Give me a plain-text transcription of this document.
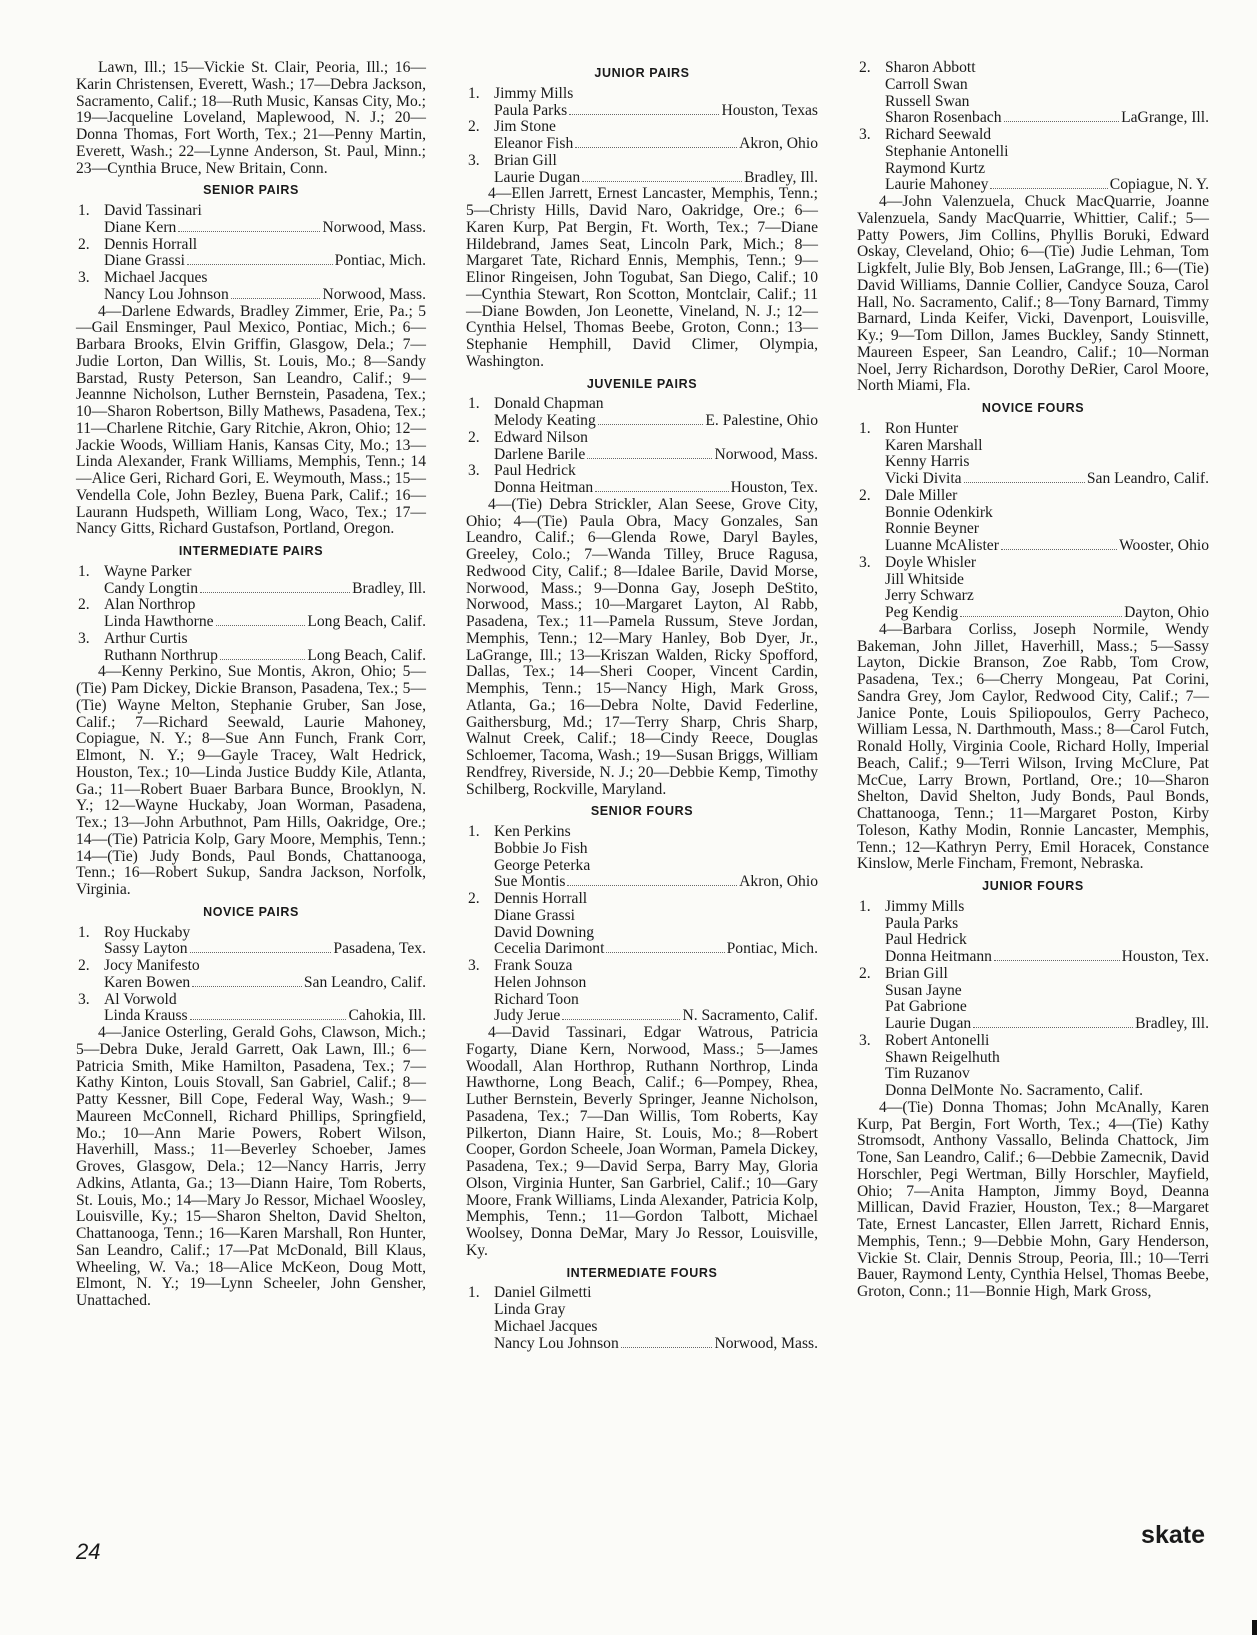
Lawn, Ill.; 15—Vickie St. Clair, Peoria, Ill.; 16—Karin Christensen, Everett, Wash.; 17—Debra Jackson, Sacramento, Calif.; 18—Ruth Music, Kansas City, Mo.; 19—Jacqueline Loveland, Maplewood, N. J.; 20—Donna Thomas, Fort Worth, Tex.; 21—Penny Martin, Everett, Wash.; 22—Lynne Anderson, St. Paul, Minn.; 23—Cynthia Bruce, New Britain, Conn.
SENIOR PAIRS
1. David Tassinari
Diane Kern	Norwood, Mass.
2. Dennis Horrall
Diane Grassi	Pontiac, Mich.
3. Michael Jacques
Nancy Lou Johnson	Norwood, Mass.
4—Darlene Edwards, Bradley Zimmer, Erie, Pa.; 5—Gail Ensminger, Paul Mexico, Pontiac, Mich.; 6—Barbara Brooks, Elvin Griffin, Glasgow, Dela.; 7—Judie Lorton, Dan Willis, St. Louis, Mo.; 8—Sandy Barstad, Rusty Peterson, San Leandro, Calif.; 9—Jeannne Nicholson, Luther Bernstein, Pasadena, Tex.; 10—Sharon Robertson, Billy Mathews, Pasadena, Tex.; 11—Charlene Ritchie, Gary Ritchie, Akron, Ohio; 12—Jackie Woods, William Hanis, Kansas City, Mo.; 13—Linda Alexander, Frank Williams, Memphis, Tenn.; 14—Alice Geri, Richard Gori, E. Weymouth, Mass.; 15—Vendella Cole, John Bezley, Buena Park, Calif.; 16—Laurann Hudspeth, William Long, Waco, Tex.; 17—Nancy Gitts, Richard Gustafson, Portland, Oregon.
INTERMEDIATE PAIRS
1. Wayne Parker
Candy Longtin	Bradley, Ill.
2. Alan Northrop
Linda Hawthorne	Long Beach, Calif.
3. Arthur Curtis
Ruthann Northrup	Long Beach, Calif.
4—Kenny Perkino, Sue Montis, Akron, Ohio; 5—(Tie) Pam Dickey, Dickie Branson, Pasadena, Tex.; 5—(Tie) Wayne Melton, Stephanie Gruber, San Jose, Calif.; 7—Richard Seewald, Laurie Mahoney, Copiague, N. Y.; 8—Sue Ann Funch, Frank Corr, Elmont, N. Y.; 9—Gayle Tracey, Walt Hedrick, Houston, Tex.; 10—Linda Justice Buddy Kile, Atlanta, Ga.; 11—Robert Buaer Barbara Bunce, Brooklyn, N. Y.; 12—Wayne Huckaby, Joan Worman, Pasadena, Tex.; 13—John Arbuthnot, Pam Hills, Oakridge, Ore.; 14—(Tie) Patricia Kolp, Gary Moore, Memphis, Tenn.; 14—(Tie) Judy Bonds, Paul Bonds, Chattanooga, Tenn.; 16—Robert Sukup, Sandra Jackson, Norfolk, Virginia.
NOVICE PAIRS
1. Roy Huckaby
Sassy Layton	Pasadena, Tex.
2. Jocy Manifesto
Karen Bowen	San Leandro, Calif.
3. Al Vorwold
Linda Krauss	Cahokia, Ill.
4—Janice Osterling, Gerald Gohs, Clawson, Mich.; 5—Debra Duke, Jerald Garrett, Oak Lawn, Ill.; 6—Patricia Smith, Mike Hamilton, Pasadena, Tex.; 7—Kathy Kinton, Louis Stovall, San Gabriel, Calif.; 8—Patty Kessner, Bill Cope, Federal Way, Wash.; 9—Maureen McConnell, Richard Phillips, Springfield, Mo.; 10—Ann Marie Powers, Robert Wilson, Haverhill, Mass.; 11—Beverley Schoeber, James Groves, Glasgow, Dela.; 12—Nancy Harris, Jerry Adkins, Atlanta, Ga.; 13—Diann Haire, Tom Roberts, St. Louis, Mo.; 14—Mary Jo Ressor, Michael Woosley, Louisville, Ky.; 15—Sharon Shelton, David Shelton, Chattanooga, Tenn.; 16—Karen Marshall, Ron Hunter, San Leandro, Calif.; 17—Pat McDonald, Bill Klaus, Wheeling, W. Va.; 18—Alice McKeon, Doug Mott, Elmont, N. Y.; 19—Lynn Scheeler, John Gensher, Unattached.
JUNIOR PAIRS
1. Jimmy Mills
Paula Parks	Houston, Texas
2. Jim Stone
Eleanor Fish	Akron, Ohio
3. Brian Gill
Laurie Dugan	Bradley, Ill.
4—Ellen Jarrett, Ernest Lancaster, Memphis, Tenn.; 5—Christy Hills, David Naro, Oakridge, Ore.; 6—Karen Kurp, Pat Bergin, Ft. Worth, Tex.; 7—Diane Hildebrand, James Seat, Lincoln Park, Mich.; 8—Margaret Tate, Richard Ennis, Memphis, Tenn.; 9—Elinor Ringeisen, John Togubat, San Diego, Calif.; 10—Cynthia Stewart, Ron Scotton, Montclair, Calif.; 11—Diane Bowden, Jon Leonette, Vineland, N. J.; 12—Cynthia Helsel, Thomas Beebe, Groton, Conn.; 13—Stephanie Hemphill, David Climer, Olympia, Washington.
JUVENILE PAIRS
1. Donald Chapman
Melody Keating	E. Palestine, Ohio
2. Edward Nilson
Darlene Barile	Norwood, Mass.
3. Paul Hedrick
Donna Heitman	Houston, Tex.
4—(Tie) Debra Strickler, Alan Seese, Grove City, Ohio; 4—(Tie) Paula Obra, Macy Gonzales, San Leandro, Calif.; 6—Glenda Rowe, Daryl Bayles, Greeley, Colo.; 7—Wanda Tilley, Bruce Ragusa, Redwood City, Calif.; 8—Idalee Barile, David Morse, Norwood, Mass.; 9—Donna Gay, Joseph DeStito, Norwood, Mass.; 10—Margaret Layton, Al Rabb, Pasadena, Tex.; 11—Pamela Russum, Steve Jordan, Memphis, Tenn.; 12—Mary Hanley, Bob Dyer, Jr., LaGrange, Ill.; 13—Kriszan Walden, Ricky Spofford, Dallas, Tex.; 14—Sheri Cooper, Vincent Cardin, Memphis, Tenn.; 15—Nancy High, Mark Gross, Atlanta, Ga.; 16—Debra Nolte, David Federline, Gaithersburg, Md.; 17—Terry Sharp, Chris Sharp, Walnut Creek, Calif.; 18—Cindy Reece, Douglas Schloemer, Tacoma, Wash.; 19—Susan Briggs, William Rendfrey, Riverside, N. J.; 20—Debbie Kemp, Timothy Schilberg, Rockville, Maryland.
SENIOR FOURS
1. Ken Perkins
Bobbie Jo Fish
George Peterka
Sue Montis	Akron, Ohio
2. Dennis Horrall
Diane Grassi
David Downing
Cecelia Darimont	Pontiac, Mich.
3. Frank Souza
Helen Johnson
Richard Toon
Judy Jerue	N. Sacramento, Calif.
4—David Tassinari, Edgar Watrous, Patricia Fogarty, Diane Kern, Norwood, Mass.; 5—James Woodall, Alan Horthrop, Ruthann Northrop, Linda Hawthorne, Long Beach, Calif.; 6—Pompey, Rhea, Luther Bernstein, Beverly Springer, Jeanne Nicholson, Pasadena, Tex.; 7—Dan Willis, Tom Roberts, Kay Pilkerton, Diann Haire, St. Louis, Mo.; 8—Robert Cooper, Gordon Scheele, Joan Worman, Pamela Dickey, Pasadena, Tex.; 9—David Serpa, Barry May, Gloria Olson, Virginia Hunter, San Garbriel, Calif.; 10—Gary Moore, Frank Williams, Linda Alexander, Patricia Kolp, Memphis, Tenn.; 11—Gordon Talbott, Michael Woolsey, Donna DeMar, Mary Jo Ressor, Louisville, Ky.
INTERMEDIATE FOURS
1. Daniel Gilmetti
Linda Gray
Michael Jacques
Nancy Lou Johnson	Norwood, Mass.
2. Sharon Abbott
Carroll Swan
Russell Swan
Sharon Rosenbach	LaGrange, Ill.
3. Richard Seewald
Stephanie Antonelli
Raymond Kurtz
Laurie Mahoney	Copiague, N. Y.
4—John Valenzuela, Chuck MacQuarrie, Joanne Valenzuela, Sandy MacQuarrie, Whittier, Calif.; 5—Patty Powers, Jim Collins, Phyllis Boruki, Edward Oskay, Cleveland, Ohio; 6—(Tie) Judie Lehman, Tom Ligkfelt, Julie Bly, Bob Jensen, LaGrange, Ill.; 6—(Tie) David Williams, Dannie Collier, Candyce Souza, Carol Hall, No. Sacramento, Calif.; 8—Tony Barnard, Timmy Barnard, Linda Keifer, Vicki, Davenport, Louisville, Ky.; 9—Tom Dillon, James Buckley, Sandy Stinnett, Maureen Espeer, San Leandro, Calif.; 10—Norman Noel, Jerry Richardson, Dorothy DeRier, Carol Moore, North Miami, Fla.
NOVICE FOURS
1. Ron Hunter
Karen Marshall
Kenny Harris
Vicki Divita	San Leandro, Calif.
2. Dale Miller
Bonnie Odenkirk
Ronnie Beyner
Luanne McAlister	Wooster, Ohio
3. Doyle Whisler
Jill Whitside
Jerry Schwarz
Peg Kendig	Dayton, Ohio
4—Barbara Corliss, Joseph Normile, Wendy Bakeman, John Jillet, Haverhill, Mass.; 5—Sassy Layton, Dickie Branson, Zoe Rabb, Tom Crow, Pasadena, Tex.; 6—Cherry Mongeau, Pat Corini, Sandra Grey, Jom Caylor, Redwood City, Calif.; 7—Janice Ponte, Louis Spiliopoulos, Gerry Pacheco, William Lessa, N. Darthmouth, Mass.; 8—Carol Futch, Ronald Holly, Virginia Coole, Richard Holly, Imperial Beach, Calif.; 9—Terri Wilson, Irving McClure, Pat McCue, Larry Brown, Portland, Ore.; 10—Sharon Shelton, David Shelton, Judy Bonds, Paul Bonds, Chattanooga, Tenn.; 11—Margaret Poston, Kirby Toleson, Kathy Modin, Ronnie Lancaster, Memphis, Tenn.; 12—Kathryn Perry, Emil Horacek, Constance Kinslow, Merle Fincham, Fremont, Nebraska.
JUNIOR FOURS
1. Jimmy Mills
Paula Parks
Paul Hedrick
Donna Heitmann	Houston, Tex.
2. Brian Gill
Susan Jayne
Pat Gabrione
Laurie Dugan	Bradley, Ill.
3. Robert Antonelli
Shawn Reigelhuth
Tim Ruzanov
Donna DelMonte No. Sacramento, Calif.
4—(Tie) Donna Thomas; John McAnally, Karen Kurp, Pat Bergin, Fort Worth, Tex.; 4—(Tie) Kathy Stromsodt, Anthony Vassallo, Belinda Chattock, Jim Tone, San Leandro, Calif.; 6—Debbie Zamecnik, David Horschler, Pegi Wertman, Billy Horschler, Mayfield, Ohio; 7—Anita Hampton, Jimmy Boyd, Deanna Millican, David Frazier, Houston, Tex.; 8—Margaret Tate, Ernest Lancaster, Ellen Jarrett, Richard Ennis, Memphis, Tenn.; 9—Debbie Mohn, Gary Henderson, Vickie St. Clair, Dennis Stroup, Peoria, Ill.; 10—Terri Bauer, Raymond Lenty, Cynthia Helsel, Thomas Beebe, Groton, Conn.; 11—Bonnie High, Mark Gross,
24
skate
